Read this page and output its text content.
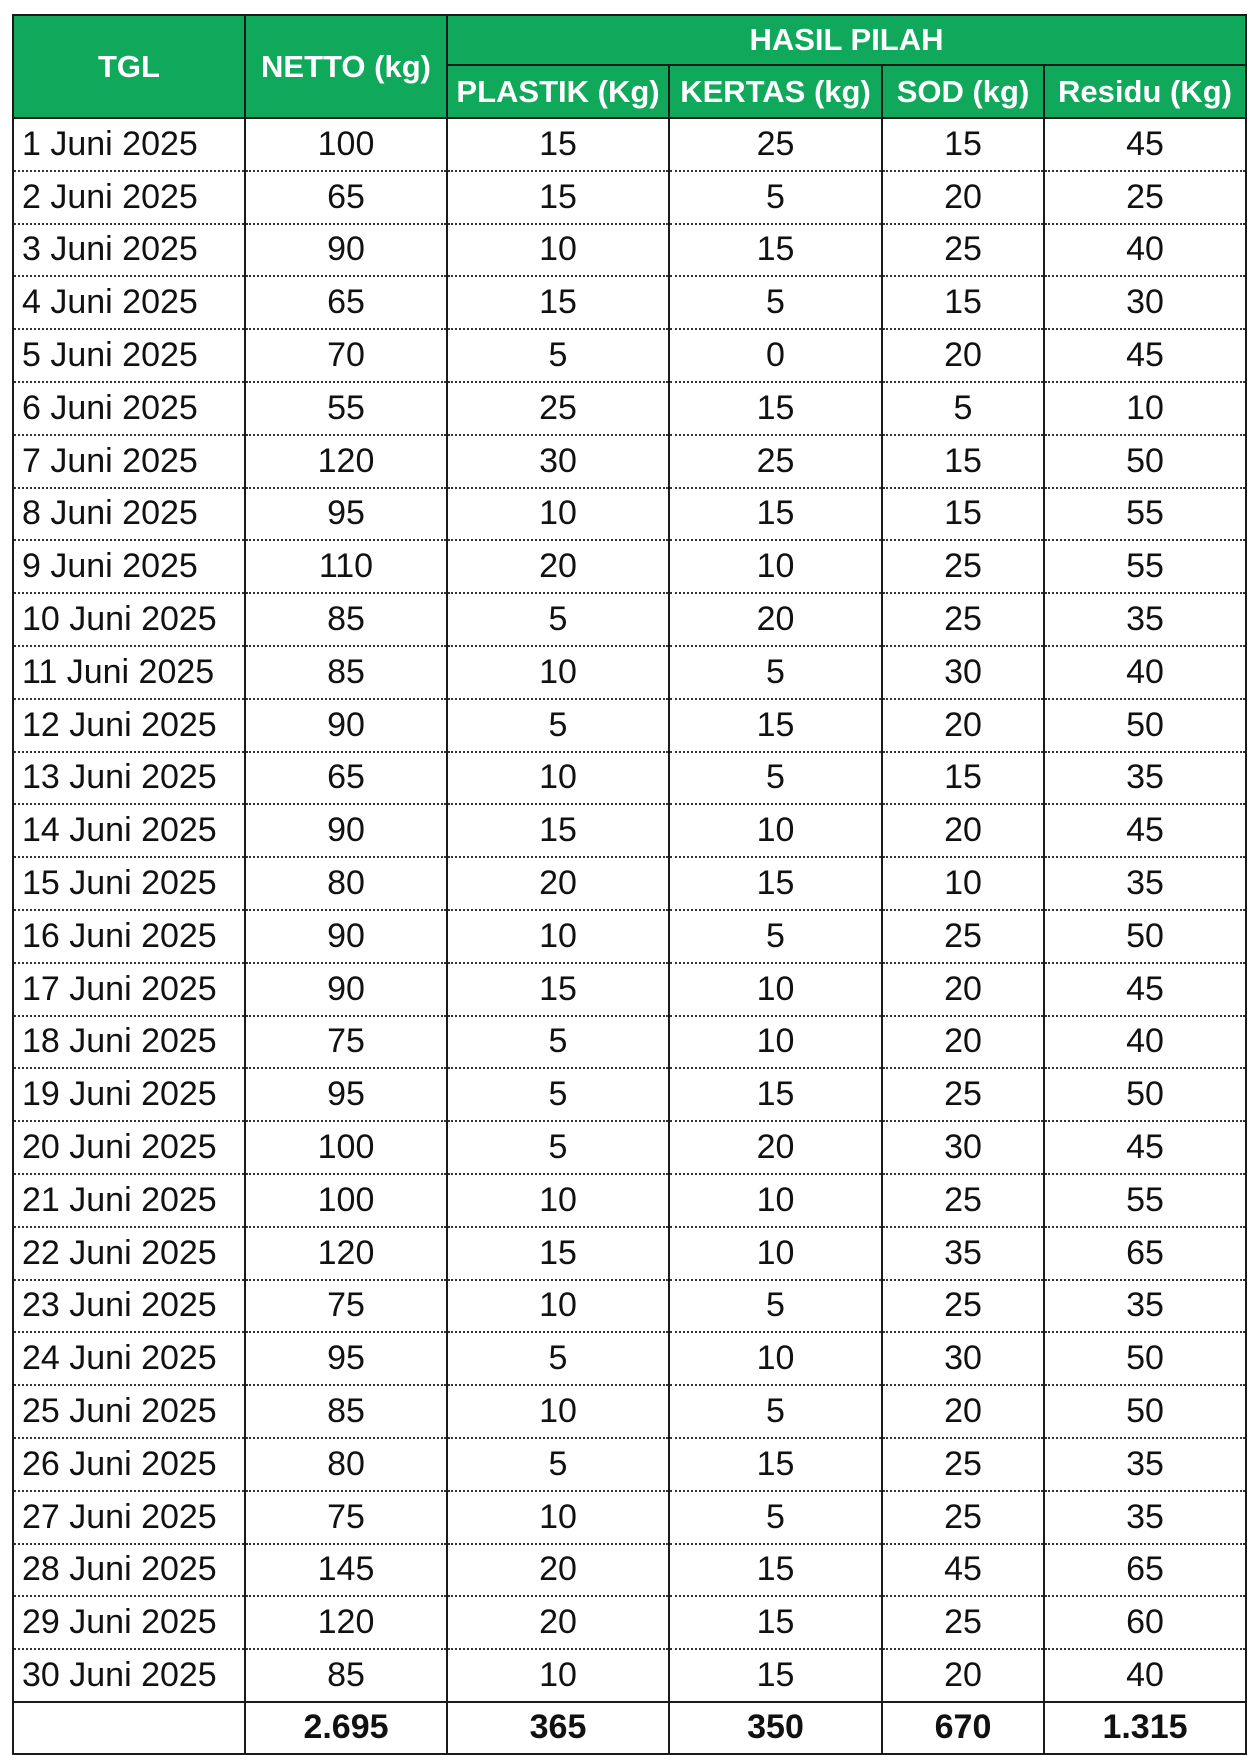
TGL	NETTO (kg)	HASIL PILAH			
		PLASTIK (Kg)	KERTAS (kg)	SOD (kg)	Residu (Kg)
1 Juni 2025	100	15	25	15	45
2 Juni 2025	65	15	5	20	25
3 Juni 2025	90	10	15	25	40
4 Juni 2025	65	15	5	15	30
5 Juni 2025	70	5	0	20	45
6 Juni 2025	55	25	15	5	10
7 Juni 2025	120	30	25	15	50
8 Juni 2025	95	10	15	15	55
9 Juni 2025	110	20	10	25	55
10 Juni 2025	85	5	20	25	35
11 Juni 2025	85	10	5	30	40
12 Juni 2025	90	5	15	20	50
13 Juni 2025	65	10	5	15	35
14 Juni 2025	90	15	10	20	45
15 Juni 2025	80	20	15	10	35
16 Juni 2025	90	10	5	25	50
17 Juni 2025	90	15	10	20	45
18 Juni 2025	75	5	10	20	40
19 Juni 2025	95	5	15	25	50
20 Juni 2025	100	5	20	30	45
21 Juni 2025	100	10	10	25	55
22 Juni 2025	120	15	10	35	65
23 Juni 2025	75	10	5	25	35
24 Juni 2025	95	5	10	30	50
25 Juni 2025	85	10	5	20	50
26 Juni 2025	80	5	15	25	35
27 Juni 2025	75	10	5	25	35
28 Juni 2025	145	20	15	45	65
29 Juni 2025	120	20	15	25	60
30 Juni 2025	85	10	15	20	40
	2.695	365	350	670	1.315
